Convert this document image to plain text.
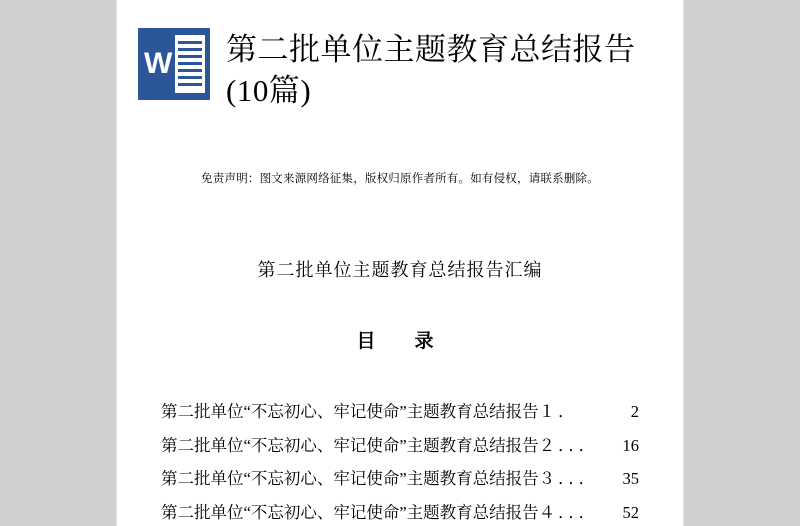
W 第二批单位主题教育总结报告(10篇)
免责声明：图文来源网络征集，版权归原作者所有。如有侵权，请联系删除。
第二批单位主题教育总结报告汇编
目　录
第二批单位“不忘初心、牢记使命”主题教育总结报告１ ．	2
第二批单位“不忘初心、牢记使命”主题教育总结报告２ ．．．	16
第二批单位“不忘初心、牢记使命”主题教育总结报告３ ．．．	35
第二批单位“不忘初心、牢记使命”主题教育总结报告４ ．．．	52
